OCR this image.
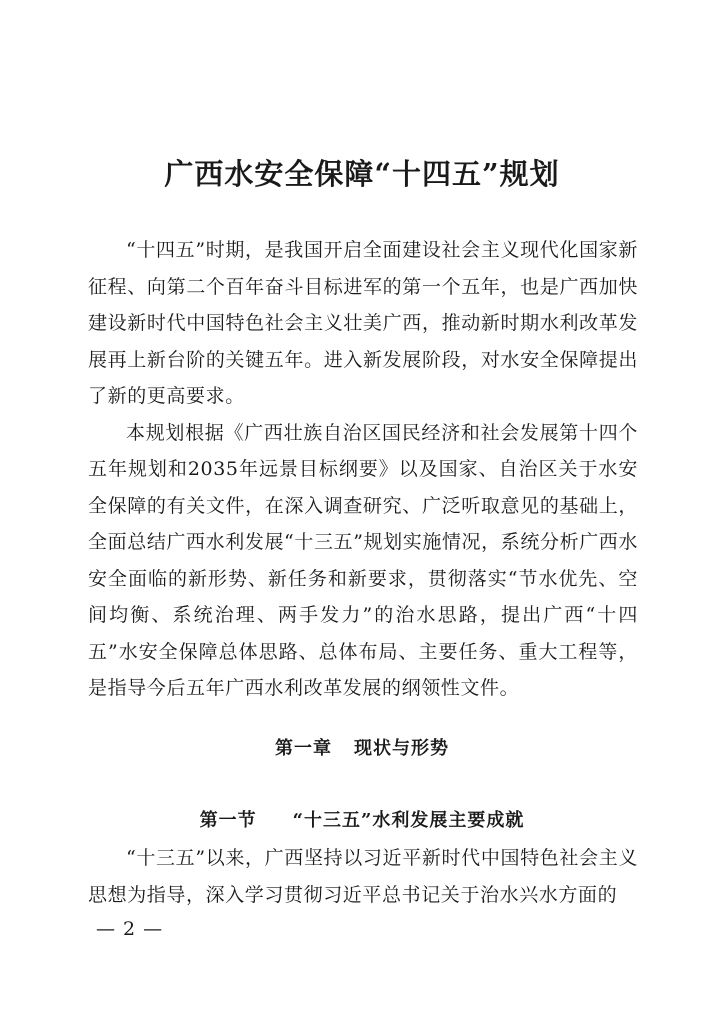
广西水安全保障“十四五”规划

“十四五”时期，是我国开启全面建设社会主义现代化国家新征程、向第二个百年奋斗目标进军的第一个五年，也是广西加快建设新时代中国特色社会主义壮美广西，推动新时期水利改革发展再上新台阶的关键五年。进入新发展阶段，对水安全保障提出了新的更高要求。

本规划根据《广西壮族自治区国民经济和社会发展第十四个五年规划和2035年远景目标纲要》以及国家、自治区关于水安全保障的有关文件，在深入调查研究、广泛听取意见的基础上，全面总结广西水利发展“十三五”规划实施情况，系统分析广西水安全面临的新形势、新任务和新要求，贯彻落实“节水优先、空间均衡、系统治理、两手发力”的治水思路，提出广西“十四五”水安全保障总体思路、总体布局、主要任务、重大工程等，是指导今后五年广西水利改革发展的纲领性文件。

第一章 现状与形势
第一节 “十三五”水利发展主要成就

“十三五”以来，广西坚持以习近平新时代中国特色社会主义思想为指导，深入学习贯彻习近平总书记关于治水兴水方面的

— 2 —
